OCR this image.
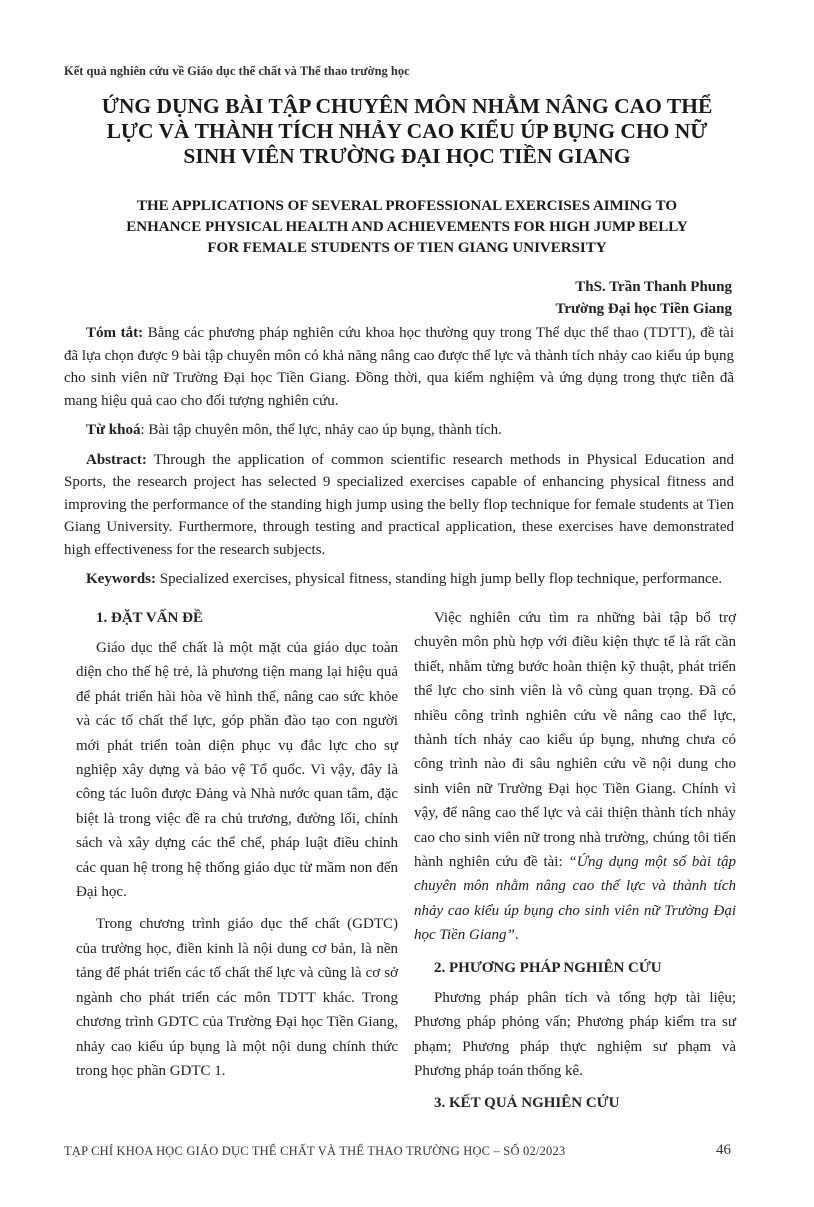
Kết quả nghiên cứu về Giáo dục thể chất và Thể thao trường học
ỨNG DỤNG BÀI TẬP CHUYÊN MÔN NHẰM NÂNG CAO THỂ
LỰC VÀ THÀNH TÍCH NHẢY CAO KIỂU ÚP BỤNG CHO NỮ
SINH VIÊN TRƯỜNG ĐẠI HỌC TIỀN GIANG
THE APPLICATIONS OF SEVERAL PROFESSIONAL EXERCISES AIMING TO
ENHANCE PHYSICAL HEALTH AND ACHIEVEMENTS FOR HIGH JUMP BELLY
FOR FEMALE STUDENTS OF TIEN GIANG UNIVERSITY
ThS. Trần Thanh Phung
Trường Đại học Tiền Giang

Tóm tắt: Bằng các phương pháp nghiên cứu khoa học thường quy trong Thể dục thể thao (TDTT), đề tài đã lựa chọn được 9 bài tập chuyên môn có khả năng nâng cao được thể lực và thành tích nhảy cao kiểu úp bụng cho sinh viên nữ Trường Đại học Tiền Giang. Đồng thời, qua kiểm nghiệm và ứng dụng trong thực tiễn đã mang hiệu quả cao cho đối tượng nghiên cứu.

Từ khoá: Bài tập chuyên môn, thể lực, nhảy cao úp bụng, thành tích.

Abstract: Through the application of common scientific research methods in Physical Education and Sports, the research project has selected 9 specialized exercises capable of enhancing physical fitness and improving the performance of the standing high jump using the belly flop technique for female students at Tien Giang University. Furthermore, through testing and practical application, these exercises have demonstrated high effectiveness for the research subjects.

Keywords: Specialized exercises, physical fitness, standing high jump belly flop technique, performance.

1. ĐẶT VẤN ĐỀ

Giáo dục thể chất là một mặt của giáo dục toàn diện cho thế hệ trẻ, là phương tiện mang lại hiệu quả để phát triển hài hòa về hình thể, nâng cao sức khỏe và các tố chất thể lực, góp phần đào tạo con người mới phát triển toàn diện phục vụ đắc lực cho sự nghiệp xây dựng và bảo vệ Tổ quốc. Vì vậy, đây là công tác luôn được Đảng và Nhà nước quan tâm, đặc biệt là trong việc đề ra chủ trương, đường lối, chính sách và xây dựng các thể chế, pháp luật điều chỉnh các quan hệ trong hệ thống giáo dục từ mầm non đến Đại học.

Trong chương trình giáo dục thể chất (GDTC) của trường học, điền kinh là nội dung cơ bản, là nền tảng để phát triển các tố chất thể lực và cũng là cơ sở ngành cho phát triển các môn TDTT khác. Trong chương trình GDTC của Trường Đại học Tiền Giang, nhảy cao kiểu úp bụng là một nội dung chính thức trong học phần GDTC 1.

Việc nghiên cứu tìm ra những bài tập bổ trợ chuyên môn phù hợp với điều kiện thực tế là rất cần thiết, nhằm từng bước hoàn thiện kỹ thuật, phát triển thể lực cho sinh viên là vô cùng quan trọng. Đã có nhiều công trình nghiên cứu về nâng cao thể lực, thành tích nhảy cao kiểu úp bụng, nhưng chưa có công trình nào đi sâu nghiên cứu về nội dung cho sinh viên nữ Trường Đại học Tiền Giang. Chính vì vậy, để nâng cao thể lực và cải thiện thành tích nhảy cao cho sinh viên nữ trong nhà trường, chúng tôi tiến hành nghiên cứu đề tài: “Ứng dụng một số bài tập chuyên môn nhằm nâng cao thể lực và thành tích nhảy cao kiểu úp bụng cho sinh viên nữ Trường Đại học Tiền Giang”.

2. PHƯƠNG PHÁP NGHIÊN CỨU

Phương pháp phân tích và tổng hợp tài liệu; Phương pháp phỏng vấn; Phương pháp kiểm tra sư phạm; Phương pháp thực nghiệm sư phạm và Phương pháp toán thống kê.

3. KẾT QUẢ NGHIÊN CỨU
TẠP CHÍ KHOA HỌC GIÁO DỤC THỂ CHẤT VÀ THỂ THAO TRƯỜNG HỌC – SỐ 02/2023	46
